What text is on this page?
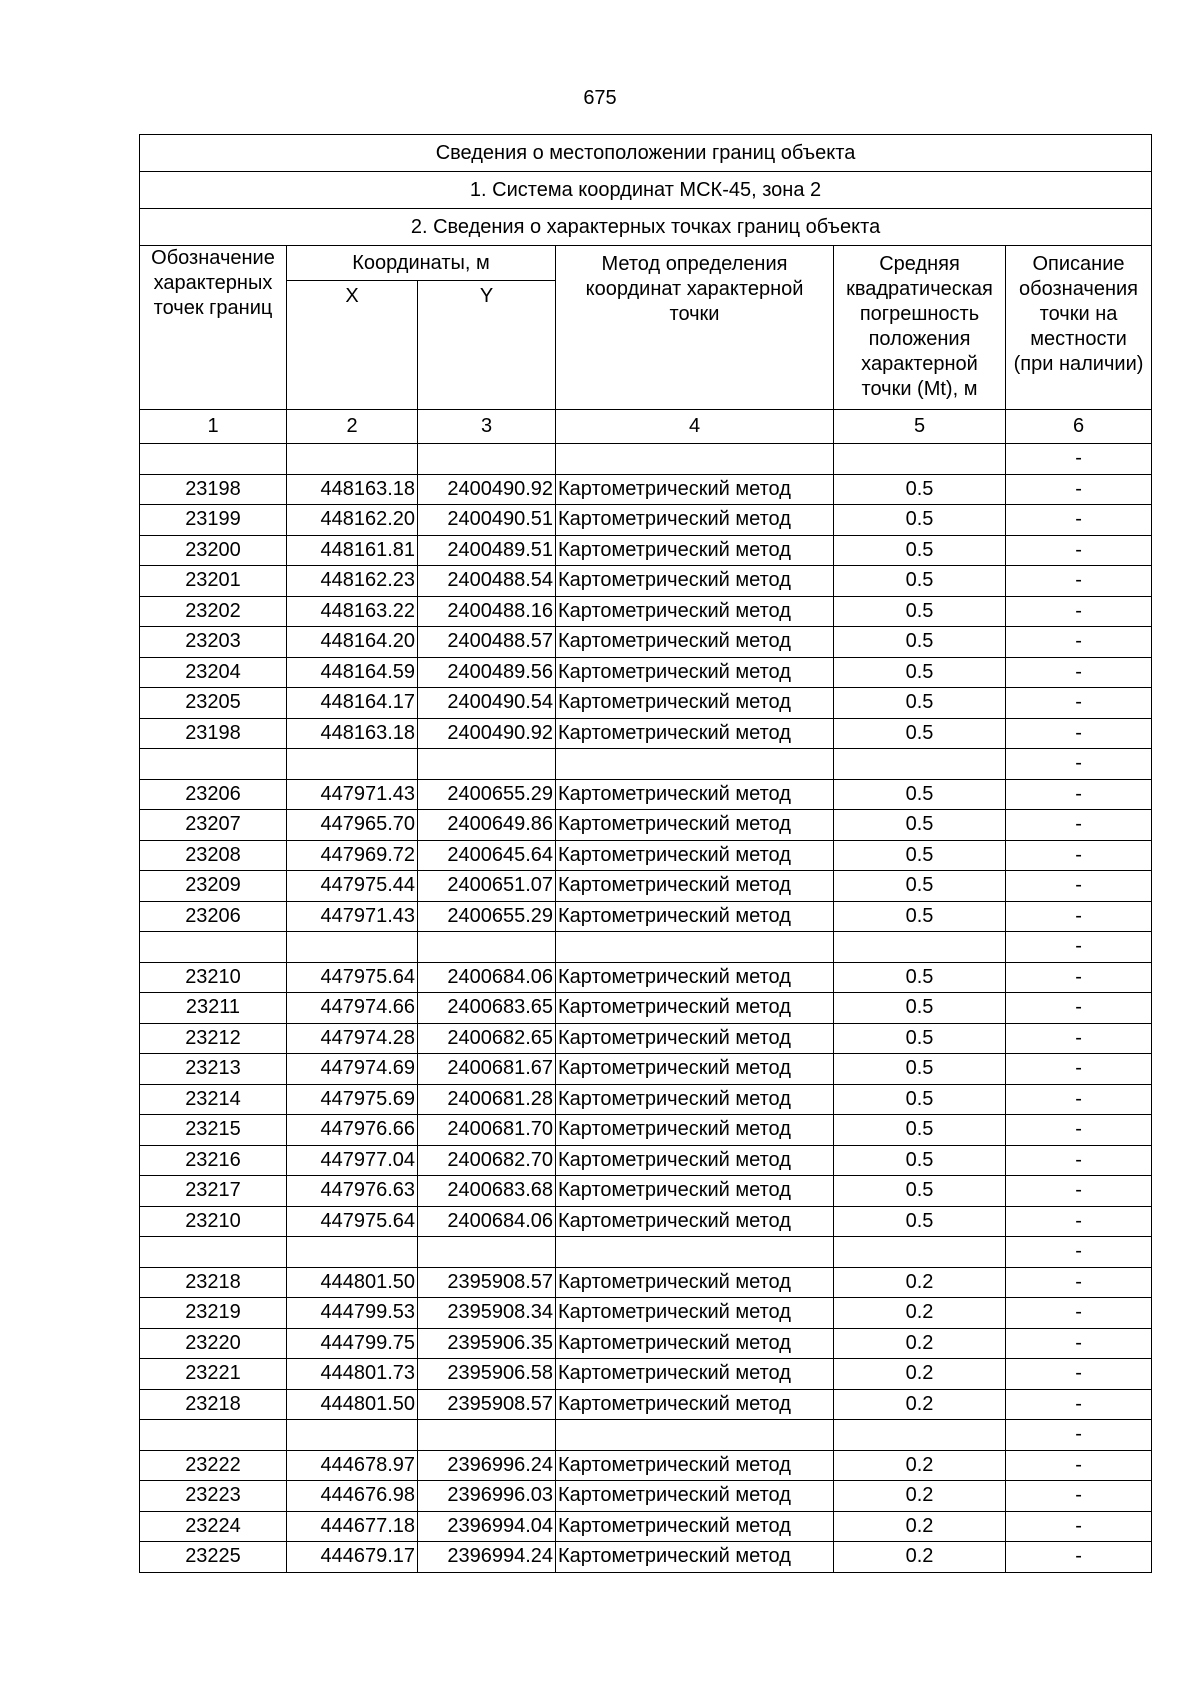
675
Сведения о местоположении границ объекта					
1. Система координат МСК-45, зона 2					
2. Сведения о характерных точках границ объекта					
Обозначение характерных точек границ	Координаты, м		Метод определения координат характерной точки	Средняя квадратическая погрешность положения характерной точки (Mt), м	Описание обозначения точки на местности (при наличии)
	X	Y			
1	2	3	4	5	6
					-
23198	448163.18	2400490.92	Картометрический метод	0.5	-
23199	448162.20	2400490.51	Картометрический метод	0.5	-
23200	448161.81	2400489.51	Картометрический метод	0.5	-
23201	448162.23	2400488.54	Картометрический метод	0.5	-
23202	448163.22	2400488.16	Картометрический метод	0.5	-
23203	448164.20	2400488.57	Картометрический метод	0.5	-
23204	448164.59	2400489.56	Картометрический метод	0.5	-
23205	448164.17	2400490.54	Картометрический метод	0.5	-
23198	448163.18	2400490.92	Картометрический метод	0.5	-
					-
23206	447971.43	2400655.29	Картометрический метод	0.5	-
23207	447965.70	2400649.86	Картометрический метод	0.5	-
23208	447969.72	2400645.64	Картометрический метод	0.5	-
23209	447975.44	2400651.07	Картометрический метод	0.5	-
23206	447971.43	2400655.29	Картометрический метод	0.5	-
					-
23210	447975.64	2400684.06	Картометрический метод	0.5	-
23211	447974.66	2400683.65	Картометрический метод	0.5	-
23212	447974.28	2400682.65	Картометрический метод	0.5	-
23213	447974.69	2400681.67	Картометрический метод	0.5	-
23214	447975.69	2400681.28	Картометрический метод	0.5	-
23215	447976.66	2400681.70	Картометрический метод	0.5	-
23216	447977.04	2400682.70	Картометрический метод	0.5	-
23217	447976.63	2400683.68	Картометрический метод	0.5	-
23210	447975.64	2400684.06	Картометрический метод	0.5	-
					-
23218	444801.50	2395908.57	Картометрический метод	0.2	-
23219	444799.53	2395908.34	Картометрический метод	0.2	-
23220	444799.75	2395906.35	Картометрический метод	0.2	-
23221	444801.73	2395906.58	Картометрический метод	0.2	-
23218	444801.50	2395908.57	Картометрический метод	0.2	-
					-
23222	444678.97	2396996.24	Картометрический метод	0.2	-
23223	444676.98	2396996.03	Картометрический метод	0.2	-
23224	444677.18	2396994.04	Картометрический метод	0.2	-
23225	444679.17	2396994.24	Картометрический метод	0.2	-
